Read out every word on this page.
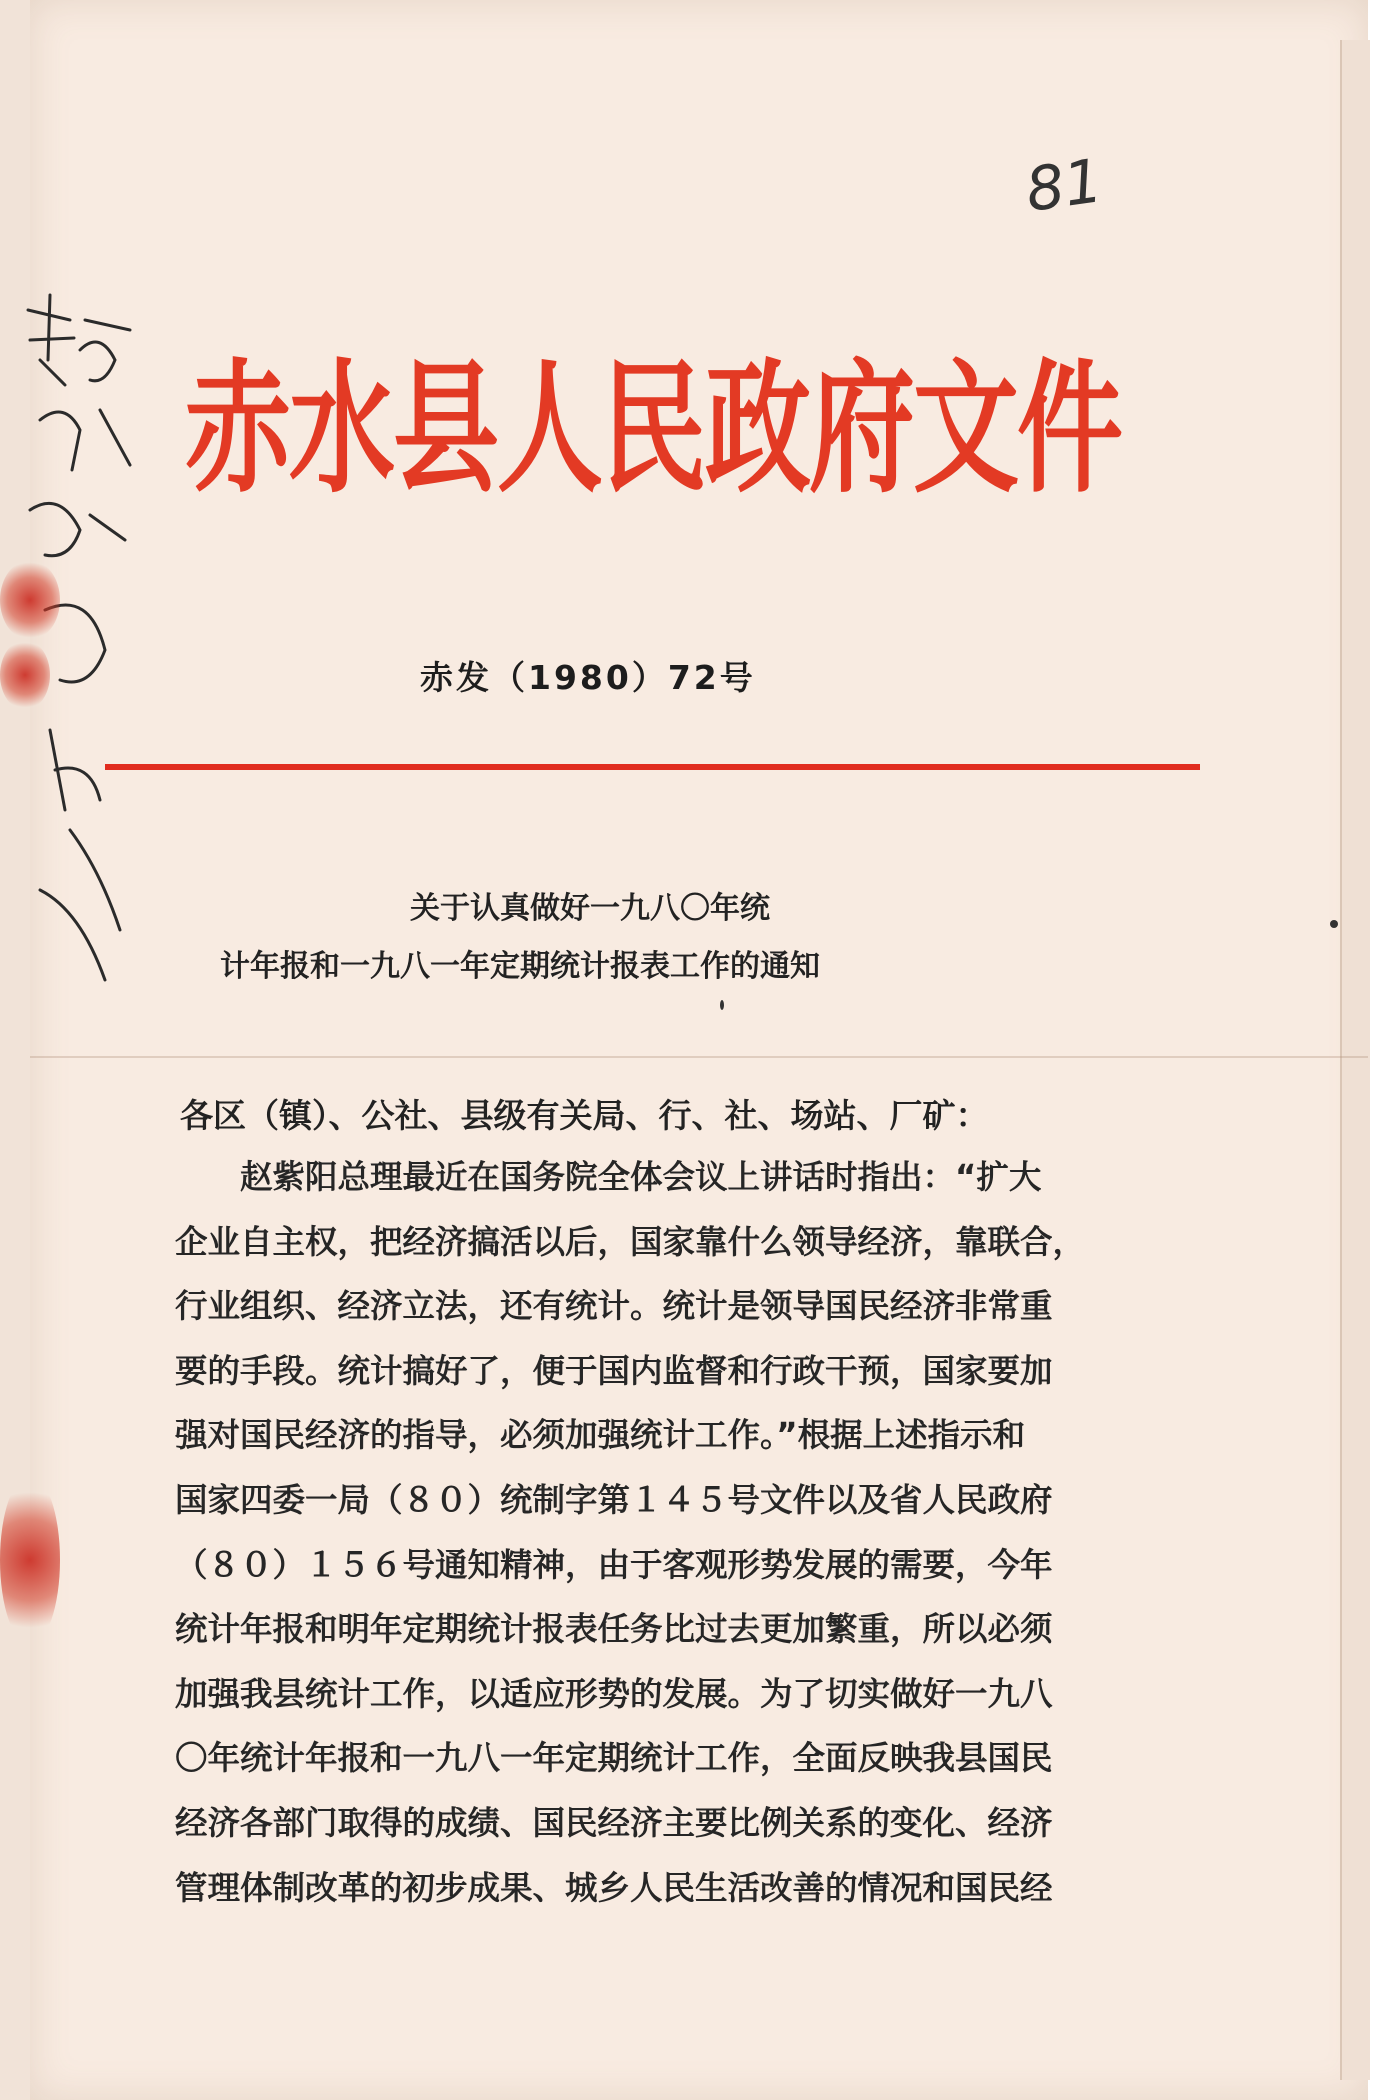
81
赤水县人民政府文件
赤发（1980）72号
关于认真做好一九八〇年统
计年报和一九八一年定期统计报表工作的通知
各区（镇）、公社、县级有关局、行、社、场站、厂矿：
赵紫阳总理最近在国务院全体会议上讲话时指出：“扩大
企业自主权，把经济搞活以后，国家靠什么领导经济，靠联合，
行业组织、经济立法，还有统计。统计是领导国民经济非常重
要的手段。统计搞好了，便于国内监督和行政干预，国家要加
强对国民经济的指导，必须加强统计工作。”根据上述指示和
国家四委一局（８０）统制字第１４５号文件以及省人民政府
（８０）１５６号通知精神，由于客观形势发展的需要，今年
统计年报和明年定期统计报表任务比过去更加繁重，所以必须
加强我县统计工作，以适应形势的发展。为了切实做好一九八
〇年统计年报和一九八一年定期统计工作，全面反映我县国民
经济各部门取得的成绩、国民经济主要比例关系的变化、经济
管理体制改革的初步成果、城乡人民生活改善的情况和国民经
